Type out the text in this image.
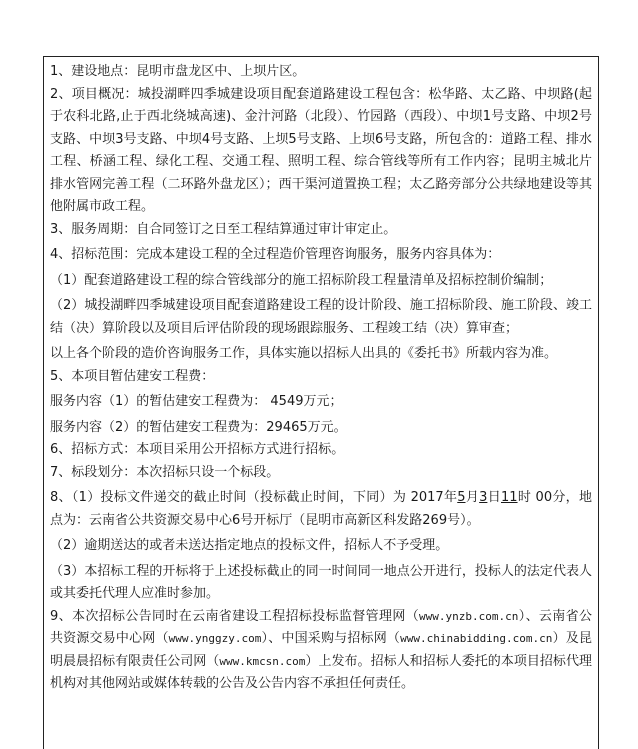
1、建设地点：昆明市盘龙区中、上坝片区。

2、项目概况：城投湖畔四季城建设项目配套道路建设工程包含：松华路、太乙路、中坝路(起于农科北路,止于西北绕城高速)、金汁河路（北段）、竹园路（西段）、中坝1号支路、中坝2号支路、中坝3号支路、中坝4号支路、上坝5号支路、上坝6号支路，所包含的：道路工程、排水工程、桥涵工程、绿化工程、交通工程、照明工程、综合管线等所有工作内容；昆明主城北片排水管网完善工程（二环路外盘龙区）；西干渠河道置换工程；太乙路旁部分公共绿地建设等其他附属市政工程。

3、服务周期：自合同签订之日至工程结算通过审计审定止。

4、招标范围：完成本建设工程的全过程造价管理咨询服务，服务内容具体为：

（1）配套道路建设工程的综合管线部分的施工招标阶段工程量清单及招标控制价编制；

（2）城投湖畔四季城建设项目配套道路建设工程的设计阶段、施工招标阶段、施工阶段、竣工结（决）算阶段以及项目后评估阶段的现场跟踪服务、工程竣工结（决）算审查；

以上各个阶段的造价咨询服务工作，具体实施以招标人出具的《委托书》所载内容为准。

5、本项目暂估建安工程费：

服务内容（1）的暂估建安工程费为： 4549万元；

服务内容（2）的暂估建安工程费为：29465万元。

6、招标方式：本项目采用公开招标方式进行招标。

7、标段划分：本次招标只设一个标段。

8、（1）投标文件递交的截止时间（投标截止时间，下同）为 2017年5月3日11时 00分，地点为：云南省公共资源交易中心6号开标厅（昆明市高新区科发路269号）。

（2）逾期送达的或者未送达指定地点的投标文件，招标人不予受理。

（3）本招标工程的开标将于上述投标截止的同一时间同一地点公开进行，投标人的法定代表人或其委托代理人应准时参加。

9、本次招标公告同时在云南省建设工程招标投标监督管理网（www.ynzb.com.cn）、云南省公共资源交易中心网（www.ynggzy.com）、中国采购与招标网（www.chinabidding.com.cn）及昆明晨晨招标有限责任公司网（www.kmcsn.com）上发布。招标人和招标人委托的本项目招标代理机构对其他网站或媒体转载的公告及公告内容不承担任何责任。
